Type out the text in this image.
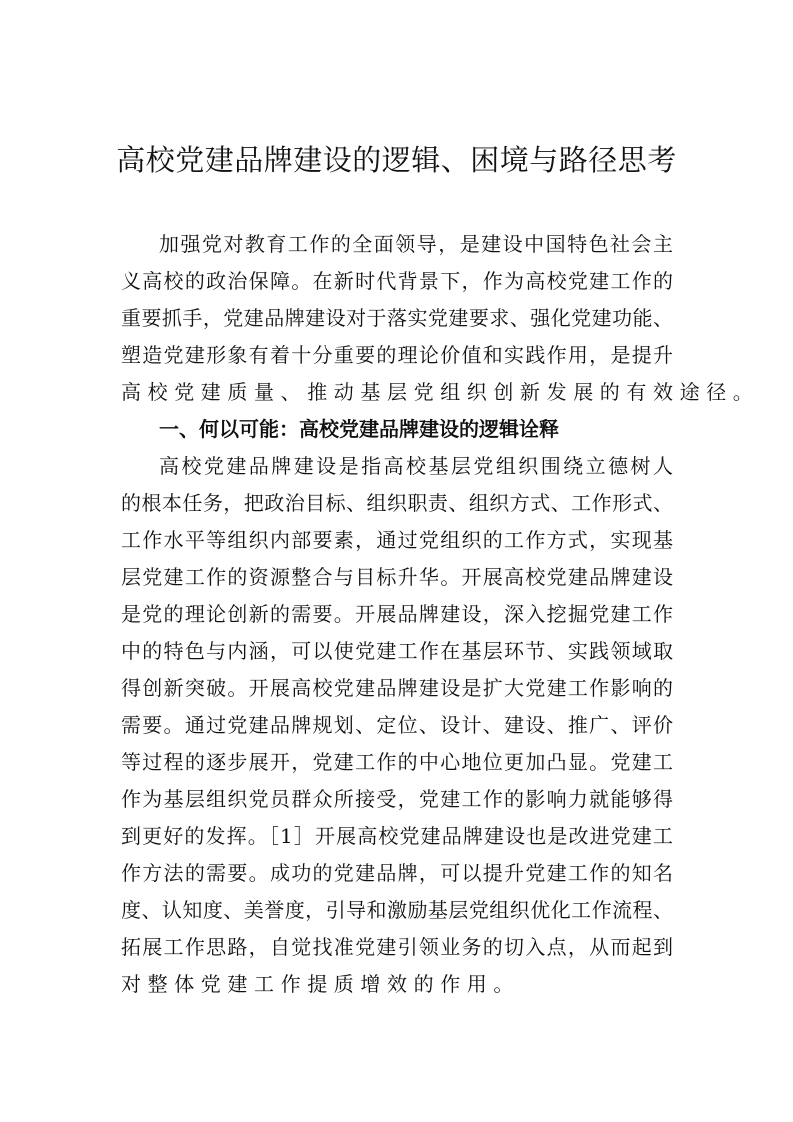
高校党建品牌建设的逻辑、困境与路径思考
加强党对教育工作的全面领导，是建设中国特色社会主
义高校的政治保障。在新时代背景下，作为高校党建工作的
重要抓手，党建品牌建设对于落实党建要求、强化党建功能、
塑造党建形象有着十分重要的理论价值和实践作用，是提升
高校党建质量、推动基层党组织创新发展的有效途径。
一、何以可能：高校党建品牌建设的逻辑诠释
高校党建品牌建设是指高校基层党组织围绕立德树人
的根本任务，把政治目标、组织职责、组织方式、工作形式、
工作水平等组织内部要素，通过党组织的工作方式，实现基
层党建工作的资源整合与目标升华。开展高校党建品牌建设
是党的理论创新的需要。开展品牌建设，深入挖掘党建工作
中的特色与内涵，可以使党建工作在基层环节、实践领域取
得创新突破。开展高校党建品牌建设是扩大党建工作影响的
需要。通过党建品牌规划、定位、设计、建设、推广、评价
等过程的逐步展开，党建工作的中心地位更加凸显。党建工
作为基层组织党员群众所接受，党建工作的影响力就能够得
到更好的发挥。［1］开展高校党建品牌建设也是改进党建工
作方法的需要。成功的党建品牌，可以提升党建工作的知名
度、认知度、美誉度，引导和激励基层党组织优化工作流程、
拓展工作思路，自觉找准党建引领业务的切入点，从而起到
对整体党建工作提质增效的作用。
